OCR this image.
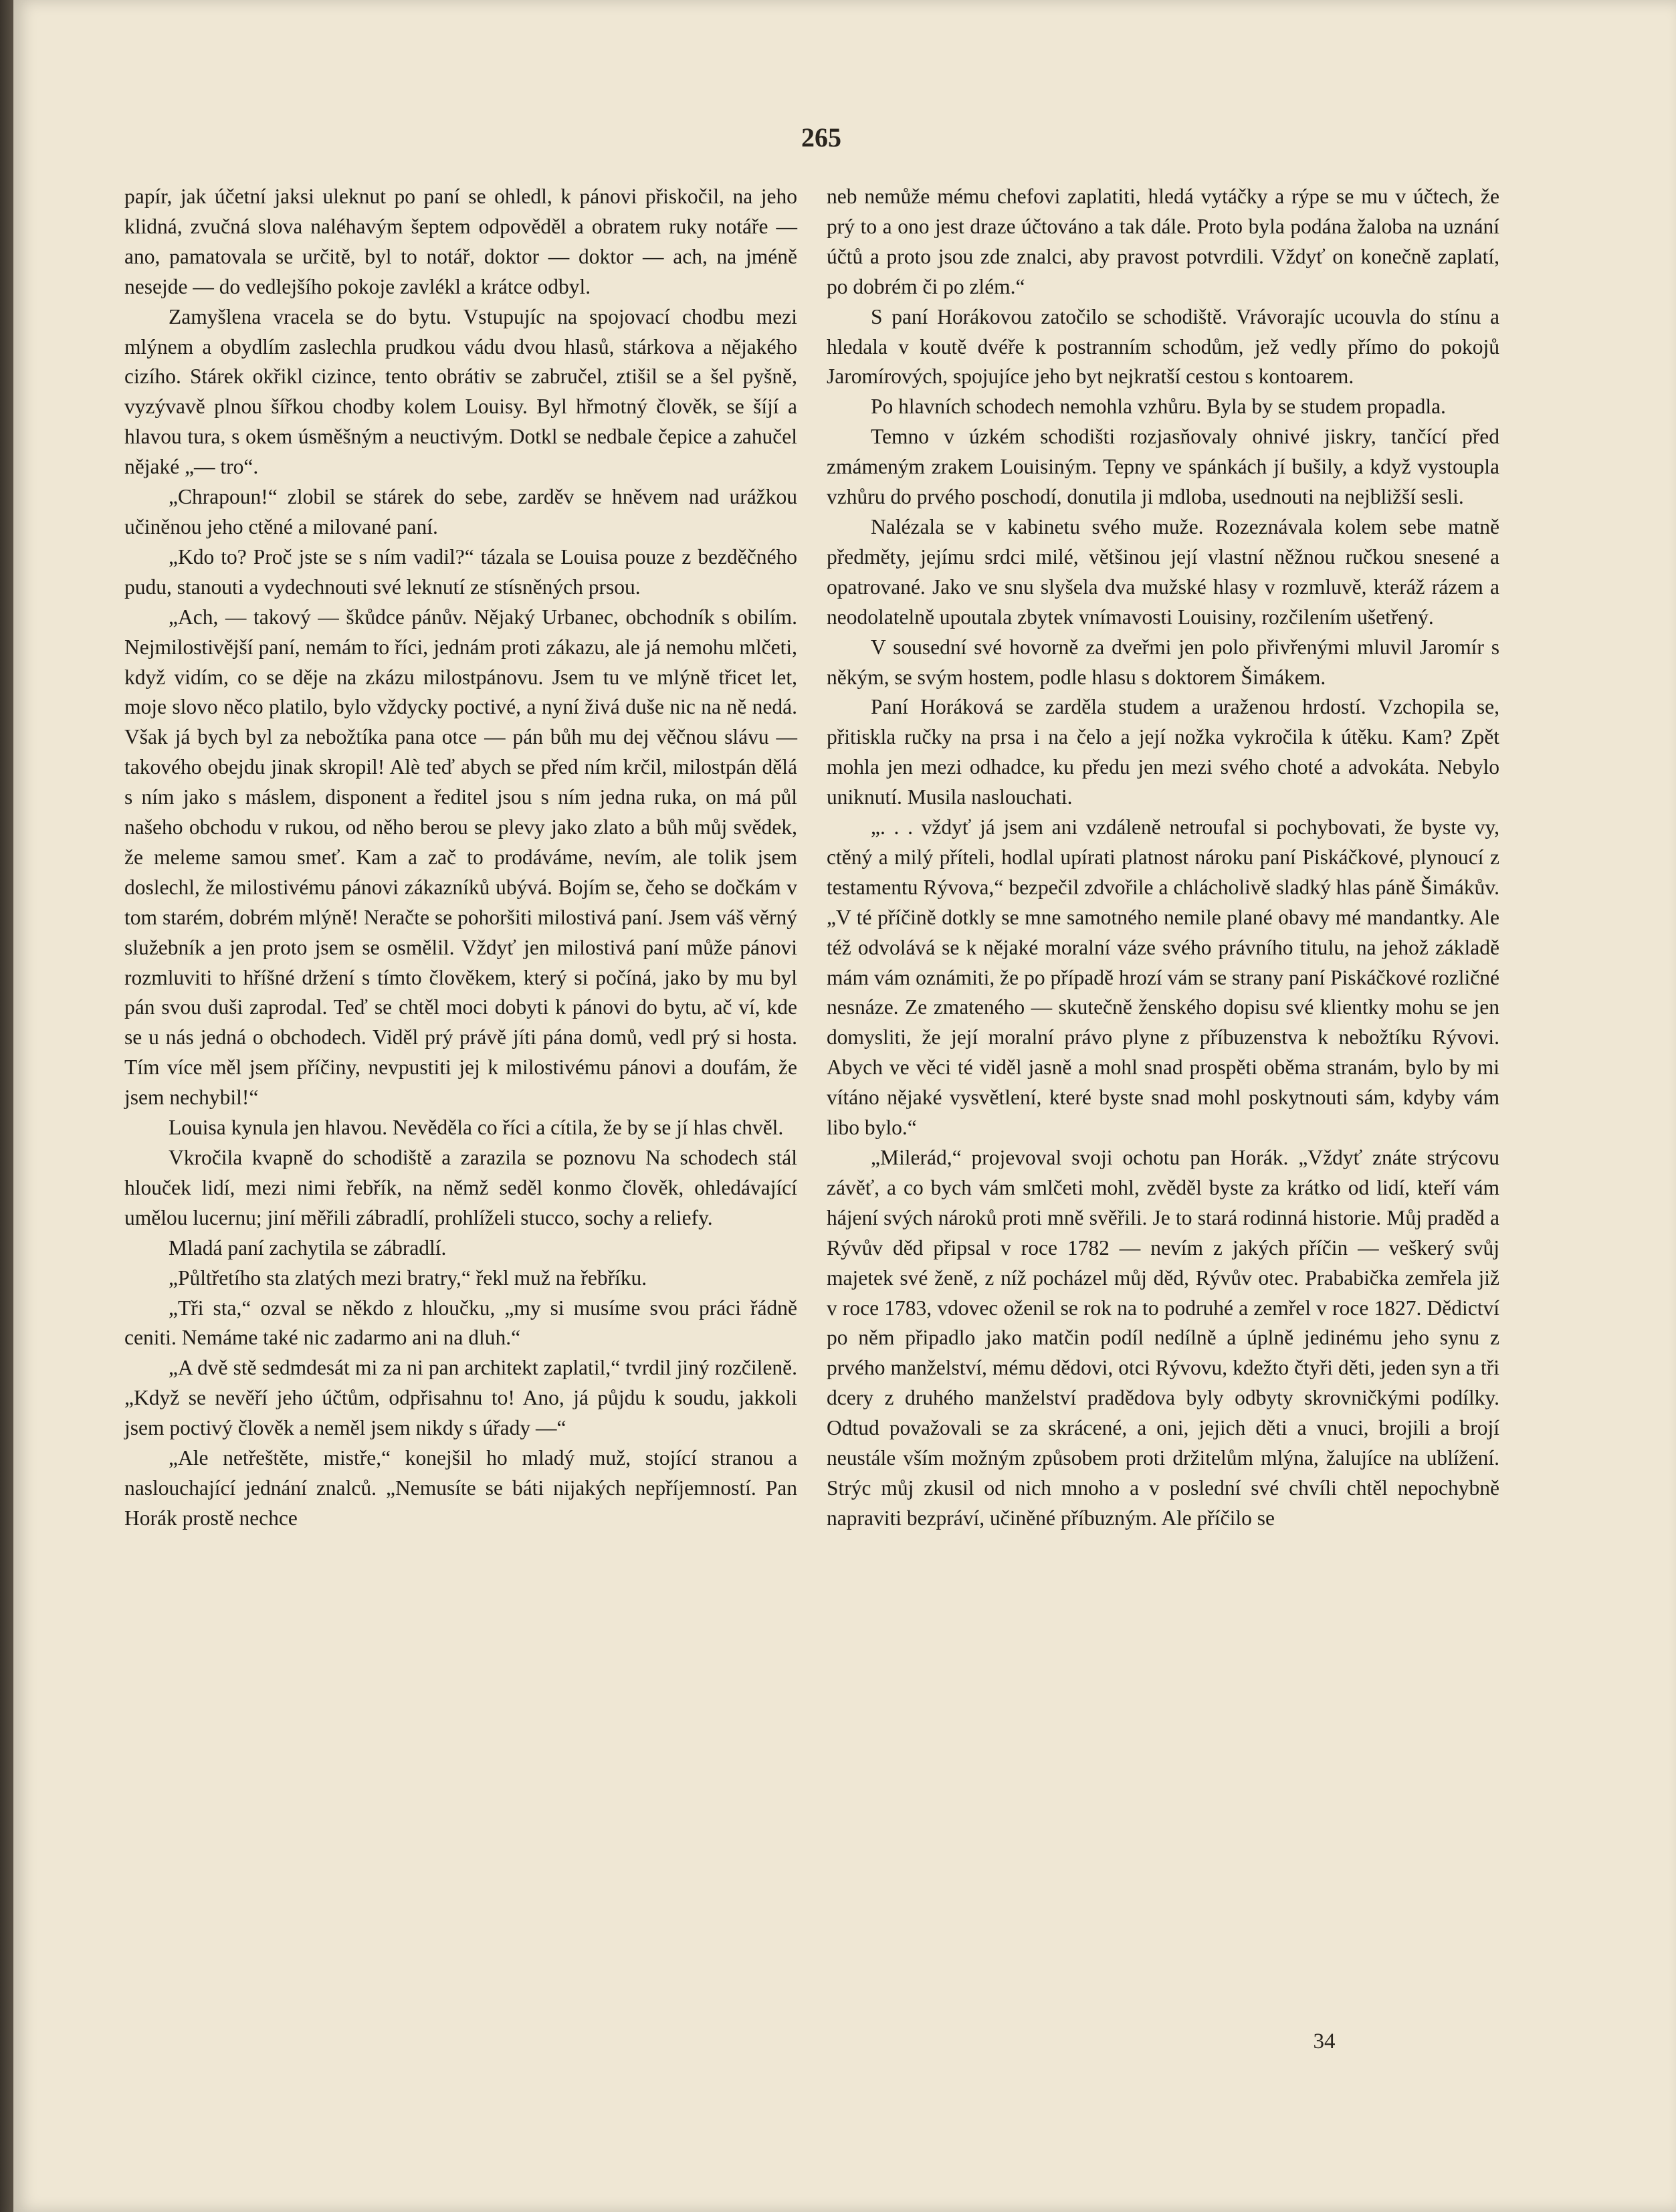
265

papír, jak účetní jaksi uleknut po paní se ohledl, k pánovi přiskočil, na jeho klidná, zvučná slova naléhavým šeptem odpověděl a obratem ruky notáře — ano, pamatovala se určitě, byl to notář, doktor — doktor — ach, na jméně nesejde — do vedlejšího pokoje zavlékl a krátce odbyl.

Zamyšlena vracela se do bytu. Vstupujíc na spojovací chodbu mezi mlýnem a obydlím zaslechla prudkou vádu dvou hlasů, stárkova a nějakého cizího. Stárek okřikl cizince, tento obrátiv se zabručel, ztišil se a šel pyšně, vyzývavě plnou šířkou chodby kolem Louisy. Byl hřmotný člověk, se šíjí a hlavou tura, s okem úsměšným a neuctivým. Dotkl se nedbale čepice a zahučel nějaké „— tro“.

„Chrapoun!“ zlobil se stárek do sebe, zarděv se hněvem nad urážkou učiněnou jeho ctěné a milované paní.

„Kdo to? Proč jste se s ním vadil?“ tázala se Louisa pouze z bezděčného pudu, stanouti a vydechnouti své leknutí ze stísněných prsou.

„Ach, — takový — škůdce pánův. Nějaký Urbanec, obchodník s obilím. Nejmilostivější paní, nemám to říci, jednám proti zákazu, ale já nemohu mlčeti, když vidím, co se děje na zkázu milostpánovu. Jsem tu ve mlýně třicet let, moje slovo něco platilo, bylo vždycky poctivé, a nyní živá duše nic na ně nedá. Však já bych byl za nebožtíka pana otce — pán bůh mu dej věčnou slávu — takového obejdu jinak skropil! Alè teď abych se před ním krčil, milostpán dělá s ním jako s máslem, disponent a ředitel jsou s ním jedna ruka, on má půl našeho obchodu v rukou, od něho berou se plevy jako zlato a bůh můj svědek, že meleme samou smeť. Kam a zač to prodáváme, nevím, ale tolik jsem doslechl, že milostivému pánovi zákazníků ubývá. Bojím se, čeho se dočkám v tom starém, dobrém mlýně! Neračte se pohoršiti milostivá paní. Jsem váš věrný služebník a jen proto jsem se osmělil. Vždyť jen milostivá paní může pánovi rozmluviti to hříšné držení s tímto člověkem, který si počíná, jako by mu byl pán svou duši zaprodal. Teď se chtěl moci dobyti k pánovi do bytu, ač ví, kde se u nás jedná o obchodech. Viděl prý právě jíti pána domů, vedl prý si hosta. Tím více měl jsem příčiny, nevpustiti jej k milostivému pánovi a doufám, že jsem nechybil!“

Louisa kynula jen hlavou. Nevěděla co říci a cítila, že by se jí hlas chvěl.

Vkročila kvapně do schodiště a zarazila se poznovu Na schodech stál hlouček lidí, mezi nimi řebřík, na němž seděl konmo člověk, ohledávající umělou lucernu; jiní měřili zábradlí, prohlíželi stucco, sochy a reliefy.

Mladá paní zachytila se zábradlí.

„Půltřetího sta zlatých mezi bratry,“ řekl muž na řebříku.

„Tři sta,“ ozval se někdo z hloučku, „my si musíme svou práci řádně ceniti. Nemáme také nic zadarmo ani na dluh.“

„A dvě stě sedmdesát mi za ni pan architekt zaplatil,“ tvrdil jiný rozčileně. „Když se nevěří jeho účtům, odpřisahnu to! Ano, já půjdu k soudu, jakkoli jsem poctivý člověk a neměl jsem nikdy s úřady —“

„Ale netřeštěte, mistře,“ konejšil ho mladý muž, stojící stranou a naslouchající jednání znalců. „Nemusíte se báti nijakých nepříjemností. Pan Horák prostě nechce

neb nemůže mému chefovi zaplatiti, hledá vytáčky a rýpe se mu v účtech, že prý to a ono jest draze účtováno a tak dále. Proto byla podána žaloba na uznání účtů a proto jsou zde znalci, aby pravost potvrdili. Vždyť on konečně zaplatí, po dobrém či po zlém.“

S paní Horákovou zatočilo se schodiště. Vrávorajíc ucouvla do stínu a hledala v koutě dvéře k postranním schodům, jež vedly přímo do pokojů Jaromírových, spojujíce jeho byt nejkratší cestou s kontoarem.

Po hlavních schodech nemohla vzhůru. Byla by se studem propadla.

Temno v úzkém schodišti rozjasňovaly ohnivé jiskry, tančící před zmámeným zrakem Louisiným. Tepny ve spánkách jí bušily, a když vystoupla vzhůru do prvého poschodí, donutila ji mdloba, usednouti na nejbližší sesli.

Nalézala se v kabinetu svého muže. Rozeznávala kolem sebe matně předměty, jejímu srdci milé, většinou její vlastní něžnou ručkou snesené a opatrované. Jako ve snu slyšela dva mužské hlasy v rozmluvě, kteráž rázem a neodolatelně upoutala zbytek vnímavosti Louisiny, rozčilením ušetřený.

V sousední své hovorně za dveřmi jen polo přivřenými mluvil Jaromír s někým, se svým hostem, podle hlasu s doktorem Šimákem.

Paní Horáková se zarděla studem a uraženou hrdostí. Vzchopila se, přitiskla ručky na prsa i na čelo a její nožka vykročila k útěku. Kam? Zpět mohla jen mezi odhadce, ku předu jen mezi svého choté a advokáta. Nebylo uniknutí. Musila naslouchati.

„. . . vždyť já jsem ani vzdáleně netroufal si pochybovati, že byste vy, ctěný a milý příteli, hodlal upírati platnost nároku paní Piskáčkové, plynoucí z testamentu Rývova,“ bezpečil zdvořile a chlácholivě sladký hlas páně Šimákův. „V té příčině dotkly se mne samotného nemile plané obavy mé mandantky. Ale též odvolává se k nějaké moralní váze svého právního titulu, na jehož základě mám vám oznámiti, že po případě hrozí vám se strany paní Piskáčkové rozličné nesnáze. Ze zmateného — skutečně ženského dopisu své klientky mohu se jen domysliti, že její moralní právo plyne z příbuzenstva k nebožtíku Rývovi. Abych ve věci té viděl jasně a mohl snad prospěti oběma stranám, bylo by mi vítáno nějaké vysvětlení, které byste snad mohl poskytnouti sám, kdyby vám libo bylo.“

„Milerád,“ projevoval svoji ochotu pan Horák. „Vždyť znáte strýcovu závěť, a co bych vám smlčeti mohl, zvěděl byste za krátko od lidí, kteří vám hájení svých nároků proti mně svěřili. Je to stará rodinná historie. Můj praděd a Rývův děd připsal v roce 1782 — nevím z jakých příčin — veškerý svůj majetek své ženě, z níž pocházel můj děd, Rývův otec. Prababička zemřela již v roce 1783, vdovec oženil se rok na to podruhé a zemřel v roce 1827. Dědictví po něm připadlo jako matčin podíl nedílně a úplně jedinému jeho synu z prvého manželství, mému dědovi, otci Rývovu, kdežto čtyři děti, jeden syn a tři dcery z druhého manželství pradědova byly odbyty skrovničkými podílky. Odtud považovali se za skrácené, a oni, jejich děti a vnuci, brojili a brojí neustále vším možným způsobem proti držitelům mlýna, žalujíce na ublížení. Strýc můj zkusil od nich mnoho a v poslední své chvíli chtěl nepochybně napraviti bezpráví, učiněné příbuzným. Ale příčilo se

34
